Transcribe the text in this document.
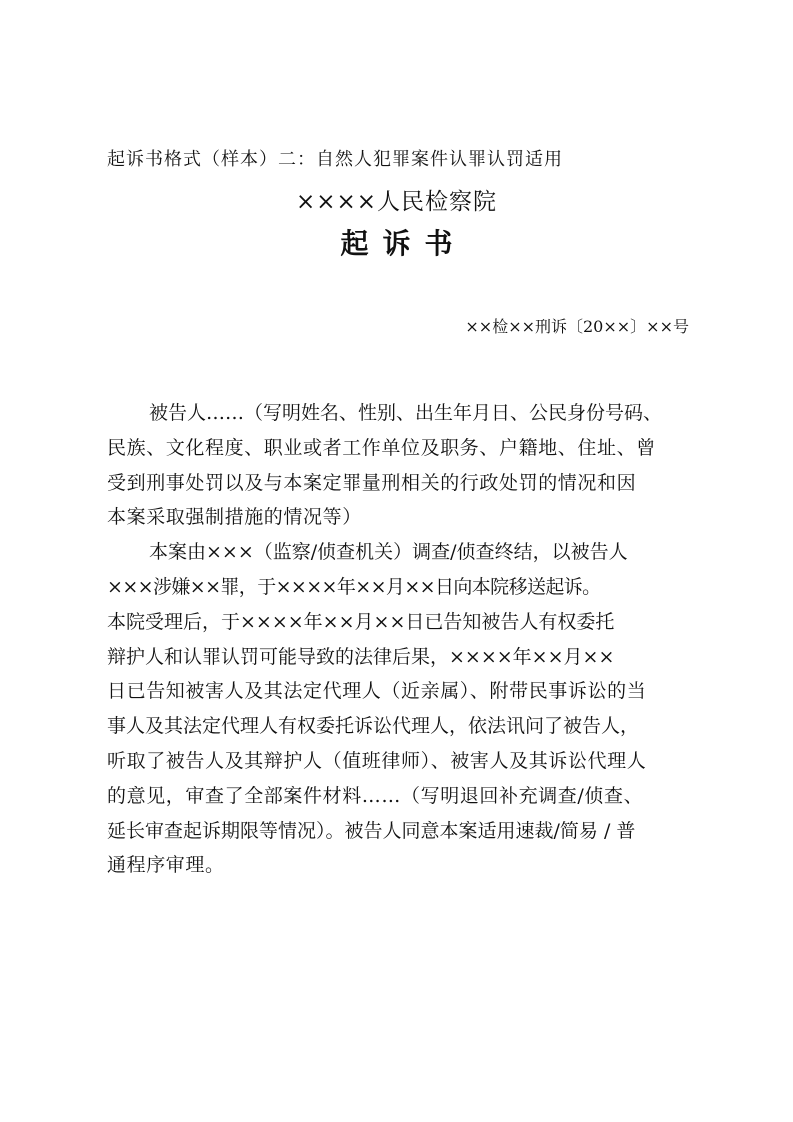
起诉书格式（样本）二：自然人犯罪案件认罪认罚适用
××××人民检察院
起诉书
××检××刑诉〔20××〕××号
被告人……（写明姓名、性别、出生年月日、公民身份号码、
民族、文化程度、职业或者工作单位及职务、户籍地、住址、曾
受到刑事处罚以及与本案定罪量刑相关的行政处罚的情况和因
本案采取强制措施的情况等）
本案由×××（监察/侦查机关）调查/侦查终结，以被告人
×××涉嫌××罪，于××××年××月××日向本院移送起诉。
本院受理后，于××××年××月××日已告知被告人有权委托
辩护人和认罪认罚可能导致的法律后果，××××年××月××
日已告知被害人及其法定代理人（近亲属）、附带民事诉讼的当
事人及其法定代理人有权委托诉讼代理人，依法讯问了被告人，
听取了被告人及其辩护人（值班律师）、被害人及其诉讼代理人
的意见，审查了全部案件材料……（写明退回补充调查/侦查、
延长审查起诉期限等情况）。被告人同意本案适用速裁/简易 / 普
通程序审理。
